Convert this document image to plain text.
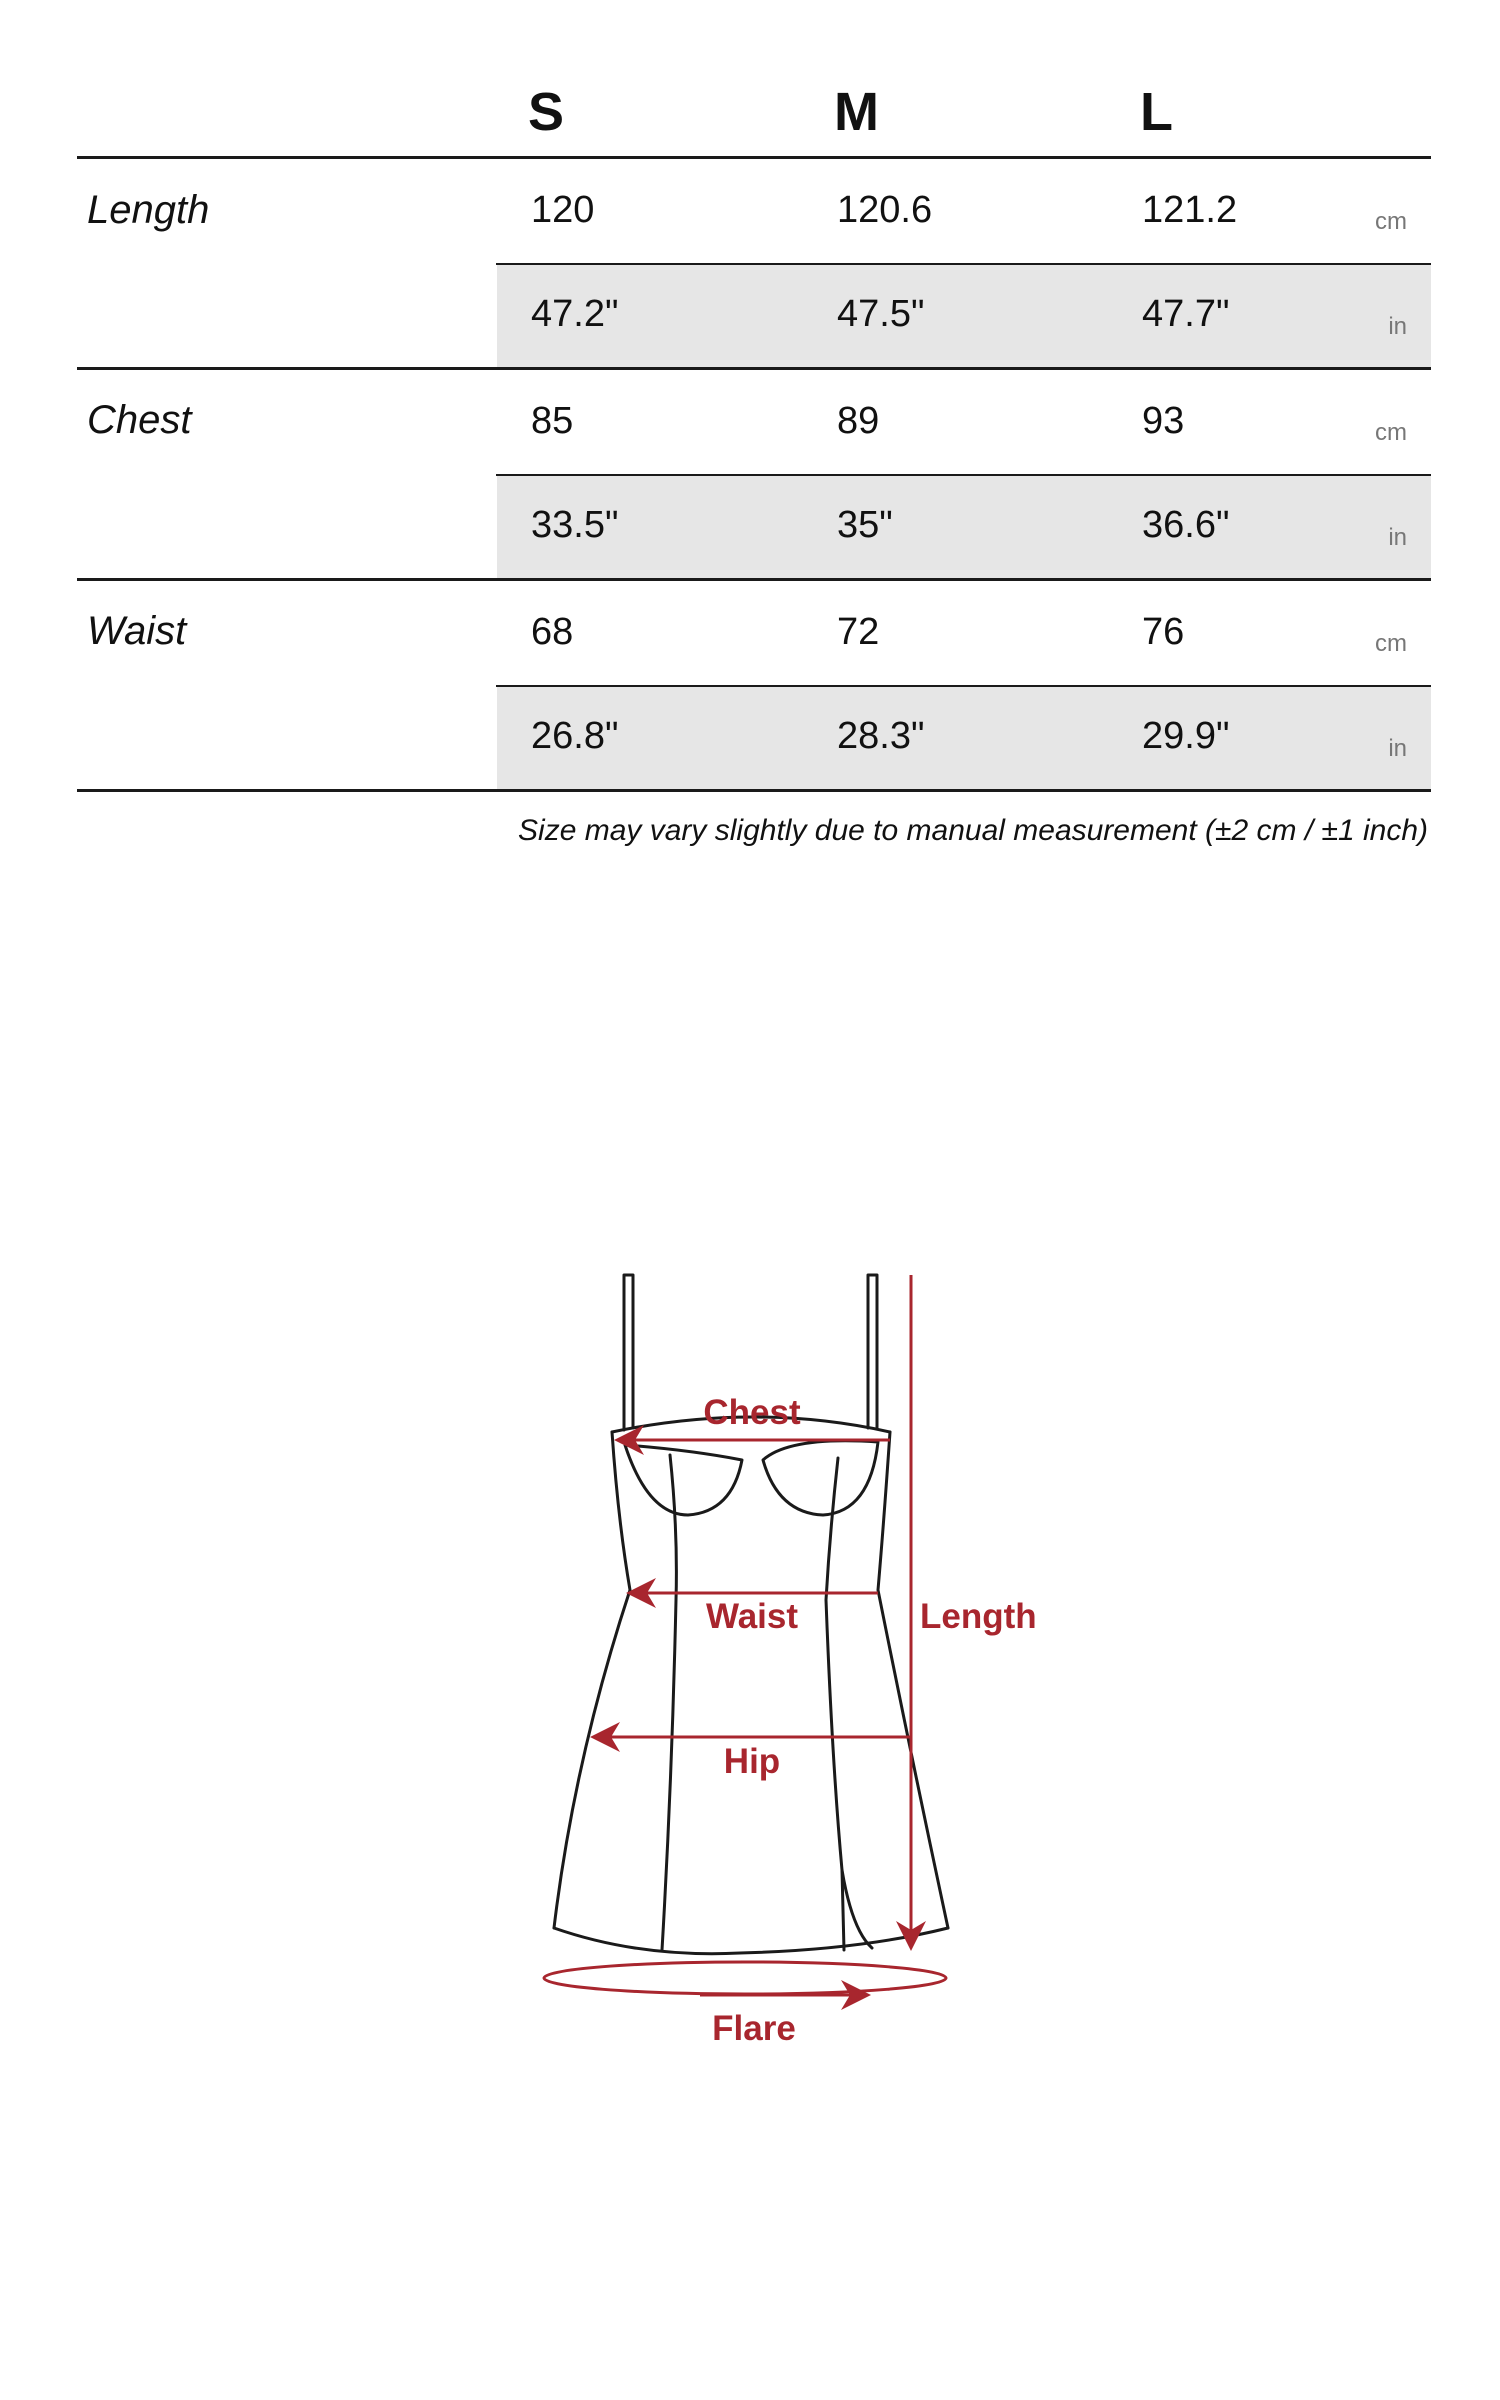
S	M	L
Length	120	120.6	121.2	cm
47.2"	47.5"	47.7"	in
Chest	85	89	93	cm
33.5"	35"	36.6"	in
Waist	68	72	76	cm
26.8"	28.3"	29.9"	in
Size may vary slightly due to manual measurement (±2 cm / ±1 inch)
Chest
Waist	Length
Hip
Flare
